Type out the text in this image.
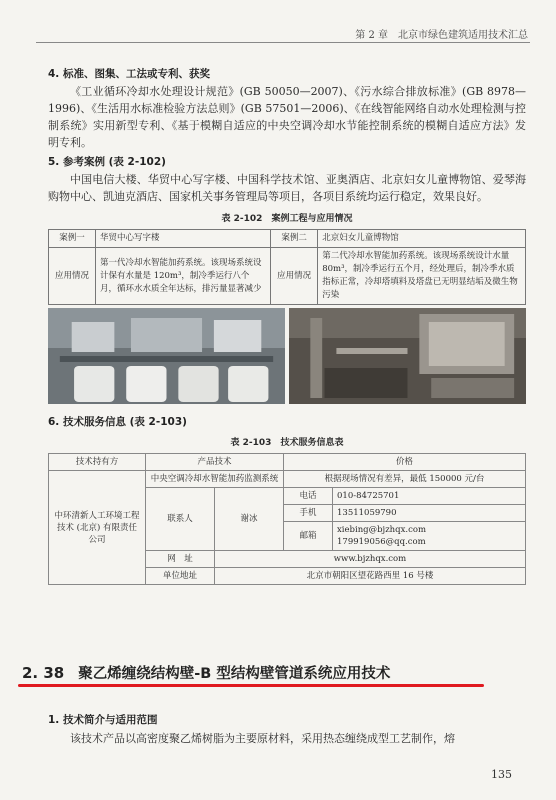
第 2 章　北京市绿色建筑适用技术汇总
4. 标准、图集、工法或专利、获奖

《工业循环冷却水处理设计规范》(GB 50050—2007)、《污水综合排放标准》(GB 8978—1996)、《生活用水标准检验方法总则》(GB 57501—2006)、《在线智能网络自动水处理检测与控制系统》实用新型专利、《基于模糊自适应的中央空调冷却水节能控制系统的模糊自适应方法》发明专利。

5. 参考案例 (表 2-102)

中国电信大楼、华贸中心写字楼、中国科学技术馆、亚奥酒店、北京妇女儿童博物馆、爱琴海购物中心、凯迪克酒店、国家机关事务管理局等项目，各项目系统均运行稳定，效果良好。

表 2-102　案例工程与应用情况
案例一	华贸中心写字楼	案例二	北京妇女儿童博物馆
应用情况	第一代冷却水智能加药系统。该现场系统设计保有水量是 120m³，制冷季运行八个月，循环水水质全年达标，排污量显著减少	应用情况	第二代冷却水智能加药系统。该现场系统设计水量 80m³，制冷季运行五个月，经处理后，制冷季水质指标正常，冷却塔填料及塔盘已无明显结垢及微生物污染
6. 技术服务信息 (表 2-103)
表 2-103　技术服务信息表
技术持有方	产品技术		价格	
中环清新人工环境工程技术 (北京) 有限责任公司	中央空调冷却水智能加药监测系统		根据现场情况有差异，最低 150000 元/台	
	联系人	谢冰	电话	010-84725701
			手机	13511059790
			邮箱	xiebing@bjzhqx.com
179919056@qq.com

	网　址	www.bjzhqx.com		
	单位地址	北京市朝阳区望花路西里 16 号楼		
2. 38 聚乙烯缠绕结构壁-B 型结构壁管道系统应用技术
1. 技术简介与适用范围

该技术产品以高密度聚乙烯树脂为主要原材料，采用热态缠绕成型工艺制作，熔

135
